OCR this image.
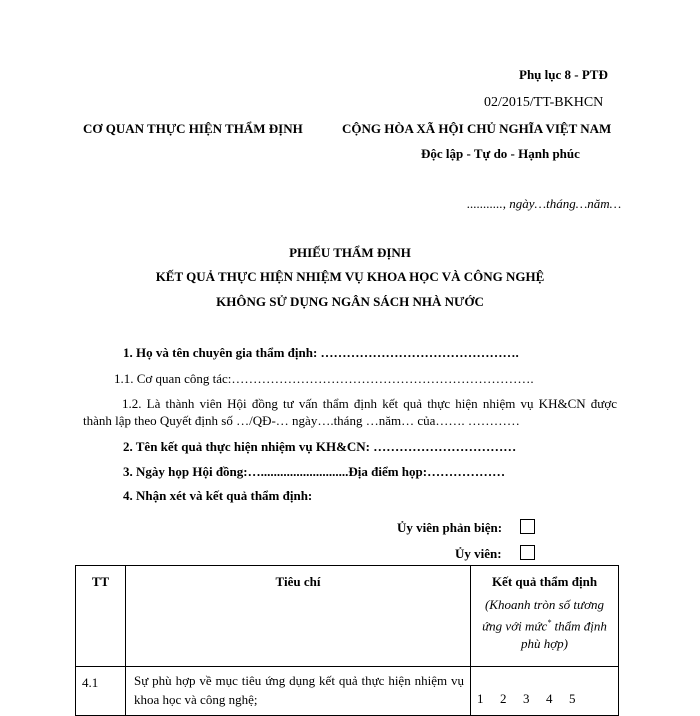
Phụ lục 8 - PTĐ
02/2015/TT-BKHCN
CƠ QUAN THỰC HIỆN THẨM ĐỊNH	CỘNG HÒA XÃ HỘI CHỦ NGHĨA VIỆT NAM
Độc lập - Tự do - Hạnh phúc
..........., ngày…tháng…năm…
PHIẾU THẨM ĐỊNH
KẾT QUẢ THỰC HIỆN NHIỆM VỤ KHOA HỌC VÀ CÔNG NGHỆ
KHÔNG SỬ DỤNG NGÂN SÁCH NHÀ NƯỚC
1. Họ và tên chuyên gia thẩm định: ……………………………………….
1.1. Cơ quan công tác:…………………………………………………………….
1.2. Là thành viên Hội đồng tư vấn thẩm định kết quả thực hiện nhiệm vụ KH&CN được
thành lập theo Quyết định số …/QĐ-… ngày….tháng …năm… của……. …………
2. Tên kết quả thực hiện nhiệm vụ KH&CN: ……………………………
3. Ngày họp Hội đồng:…...........................Địa điểm họp:………………
4. Nhận xét và kết quả thẩm định:
Ủy viên phản biện:
Ủy viên:
TT	Tiêu chí	Kết quả thẩm định
(Khoanh tròn số tương
ứng với mức* thẩm định
phù hợp)

4.1	Sự phù hợp về mục tiêu ứng dụng kết quả thực hiện nhiệm vụ khoa học và công nghệ;	1 2 3 4 5
